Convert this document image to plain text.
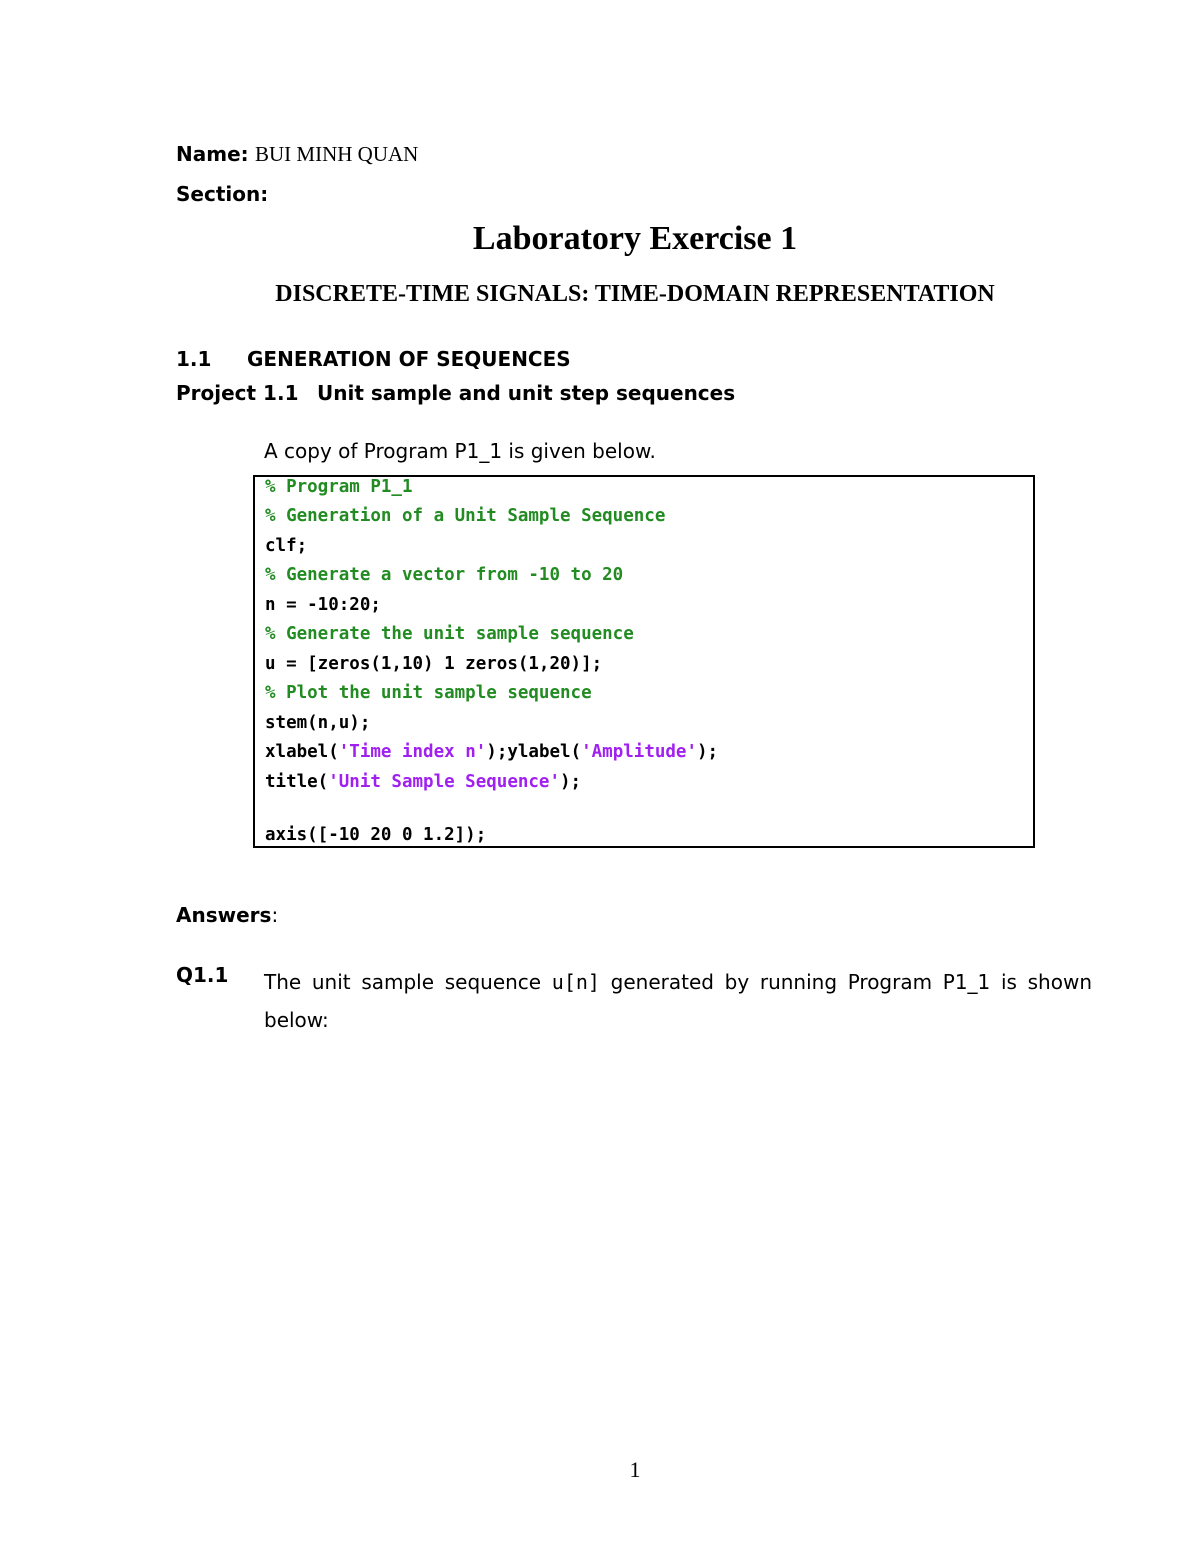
Name: BUI MINH QUAN
Section:
Laboratory Exercise 1
DISCRETE-TIME SIGNALS: TIME-DOMAIN REPRESENTATION
1.1 GENERATION OF SEQUENCES
Project 1.1 Unit sample and unit step sequences
A copy of Program P1_1 is given below.
% Program P1_1
% Generation of a Unit Sample Sequence
clf;
% Generate a vector from -10 to 20
n = -10:20;
% Generate the unit sample sequence
u = [zeros(1,10) 1 zeros(1,20)];
% Plot the unit sample sequence
stem(n,u);
xlabel('Time index n');ylabel('Amplitude');
title('Unit Sample Sequence');
axis([-10 20 0 1.2]);
Answers:
Q1.1 The unit sample sequence u[n] generated by running Program P1_1 is shown below:
1
